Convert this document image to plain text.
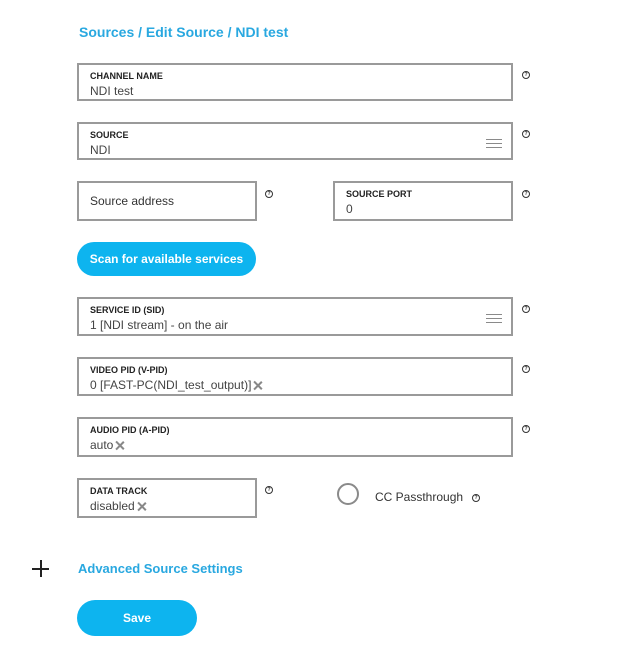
Sources / Edit Source / NDI test
CHANNEL NAME
NDI test
?
SOURCE
NDI
?
Source address	?	SOURCE PORT
0
?
Scan for available services
SERVICE ID (SID)
1 [NDI stream] - on the air
?
VIDEO PID (V-PID)
0 [FAST-PC(NDI_test_output)]
?
AUDIO PID (A-PID)
auto
?
DATA TRACK
disabled
?	CC Passthrough	?
Advanced Source Settings
Save
